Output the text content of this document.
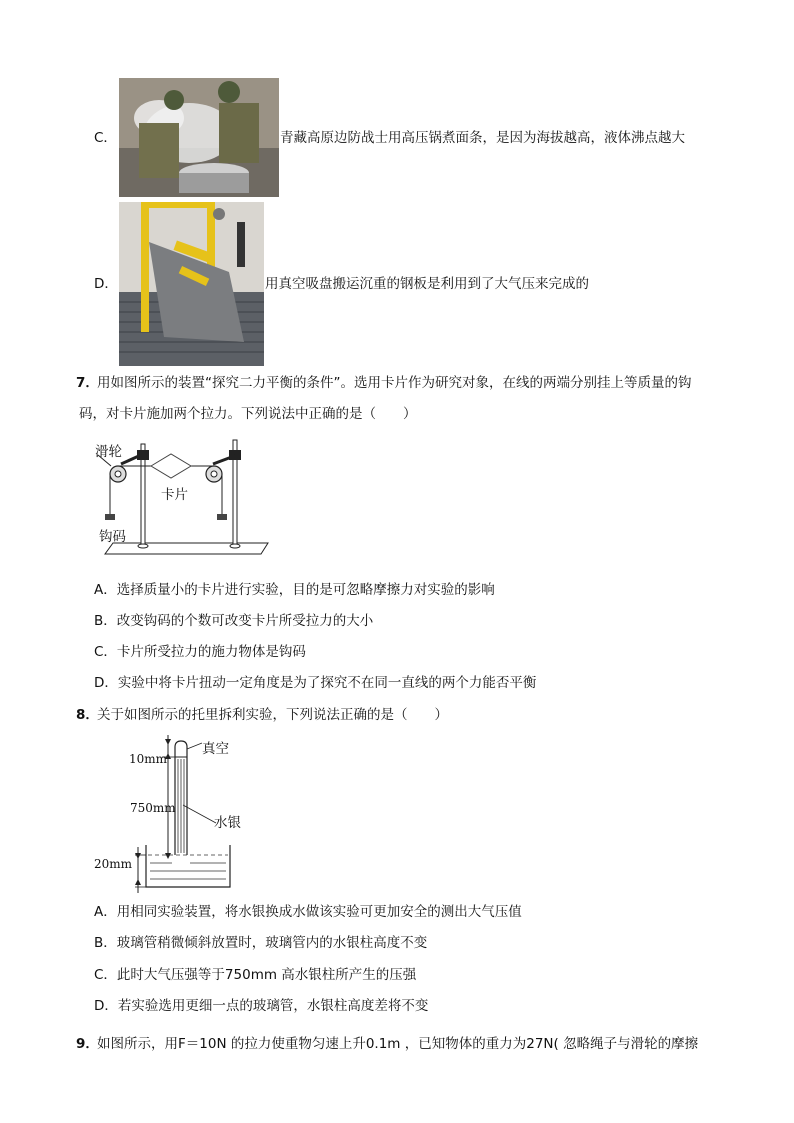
C．	青藏高原边防战士用高压锅煮面条，是因为海拔越高，液体沸点越大
D．	用真空吸盘搬运沉重的钢板是利用到了大气压来完成的
7．
用如图所示的装置“探究二力平衡的条件”。选用卡片作为研究对象，在线的两端分别挂上等质量的钩
码，对卡片施加两个拉力。下列说法中正确的是（　　）
滑轮
卡片
钩码
A．选择质量小的卡片进行实验，目的是可忽略摩擦力对实验的影响
B．改变钩码的个数可改变卡片所受拉力的大小
C．卡片所受拉力的施力物体是钩码
D．实验中将卡片扭动一定角度是为了探究不在同一直线的两个力能否平衡
8．
关于如图所示的托里拆利实验，下列说法正确的是（　　）
10mm
750mm
20mm
真空
水银
A．用相同实验装置，将水银换成水做该实验可更加安全的测出大气压值
B．玻璃管稍微倾斜放置时，玻璃管内的水银柱高度不变
C．此时大气压强等于750mm 高水银柱所产生的压强
D．若实验选用更细一点的玻璃管，水银柱高度差将不变
9．
如图所示，用F＝10N 的拉力使重物匀速上升0.1m ，已知物体的重力为27N( 忽略绳子与滑轮的摩擦
